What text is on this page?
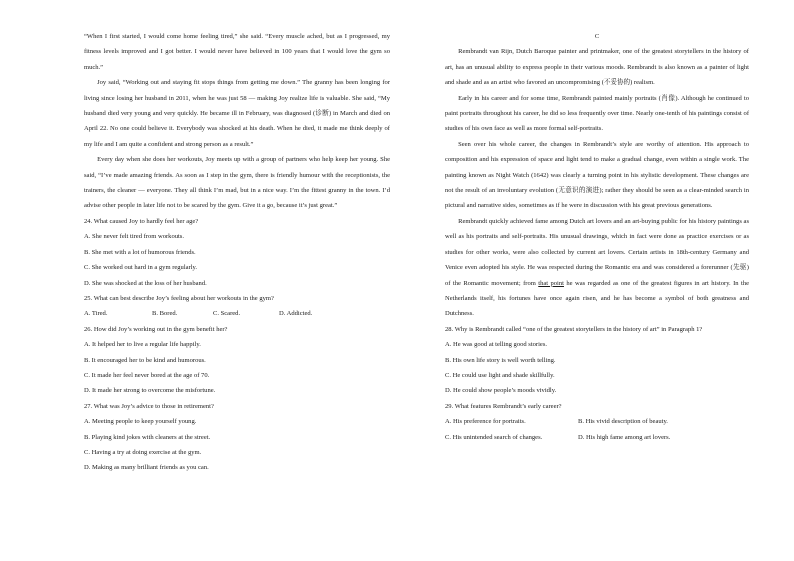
“When I first started, I would come home feeling tired,” she said. “Every muscle ached, but as I progressed, my fitness levels improved and I got better. I would never have believed in 100 years that I would love the gym so much.”

Joy said, “Working out and staying fit stops things from getting me down.” The granny has been longing for living since losing her husband in 2011, when he was just 58 — making Joy realize life is valuable. She said, “My husband died very young and very quickly. He became ill in February, was diagnosed (诊断) in March and died on April 22. No one could believe it. Everybody was shocked at his death. When he died, it made me think deeply of my life and I am quite a confident and strong person as a result.”

Every day when she does her workouts, Joy meets up with a group of partners who help keep her young. She said, “I’ve made amazing friends. As soon as I step in the gym, there is friendly humour with the receptionists, the trainers, the cleaner — everyone. They all think I’m mad, but in a nice way. I’m the fittest granny in the town. I’d advise other people in later life not to be scared by the gym. Give it a go, because it’s just great.”

24. What caused Joy to hardly feel her age?

A. She never felt tired from workouts.

B. She met with a lot of humorous friends.

C. She worked out hard in a gym regularly.

D. She was shocked at the loss of her husband.

25. What can best describe Joy’s feeling about her workouts in the gym?

A. Tired.	B. Bored.	C. Scared.	D. Addicted.

26. How did Joy’s working out in the gym benefit her?

A. It helped her to live a regular life happily.

B. It encouraged her to be kind and humorous.

C. It made her feel never bored at the age of 70.

D. It made her strong to overcome the misfortune.

27. What was Joy’s advice to those in retirement?

A. Meeting people to keep yourself young.

B. Playing kind jokes with cleaners at the street.

C. Having a try at doing exercise at the gym.

D. Making as many brilliant friends as you can.

C

Rembrandt van Rijn, Dutch Baroque painter and printmaker, one of the greatest storytellers in the history of art, has an unusual ability to express people in their various moods. Rembrandt is also known as a painter of light and shade and as an artist who favored an uncompromising (不妥协的) realism.

Early in his career and for some time, Rembrandt painted mainly portraits (肖像). Although he continued to paint portraits throughout his career, he did so less frequently over time. Nearly one-tenth of his paintings consist of studies of his own face as well as more formal self-portraits.

Seen over his whole career, the changes in Rembrandt’s style are worthy of attention. His approach to composition and his expression of space and light tend to make a gradual change, even within a single work. The painting known as Night Watch (1642) was clearly a turning point in his stylistic development. These changes are not the result of an involuntary evolution (无意识的演进); rather they should be seen as a clear-minded search in pictural and narrative sides, sometimes as if he were in discussion with his great previous generations.

Rembrandt quickly achieved fame among Dutch art lovers and an art-buying public for his history paintings as well as his portraits and self-portraits. His unusual drawings, which in fact were done as practice exercises or as studies for other works, were also collected by current art lovers. Certain artists in 18th-century Germany and Venice even adopted his style. He was respected during the Romantic era and was considered a forerunner (先驱) of the Romantic movement; from that point he was regarded as one of the greatest figures in art history. In the Netherlands itself, his fortunes have once again risen, and he has become a symbol of both greatness and Dutchness.

28. Why is Rembrandt called “one of the greatest storytellers in the history of art” in Paragraph 1?

A. He was good at telling good stories.

B. His own life story is well worth telling.

C. He could use light and shade skillfully.

D. He could show people’s moods vividly.

29. What features Rembrandt’s early career?

A. His preference for portraits.	B. His vivid description of beauty.
C. His unintended search of changes.	D. His high fame among art lovers.
